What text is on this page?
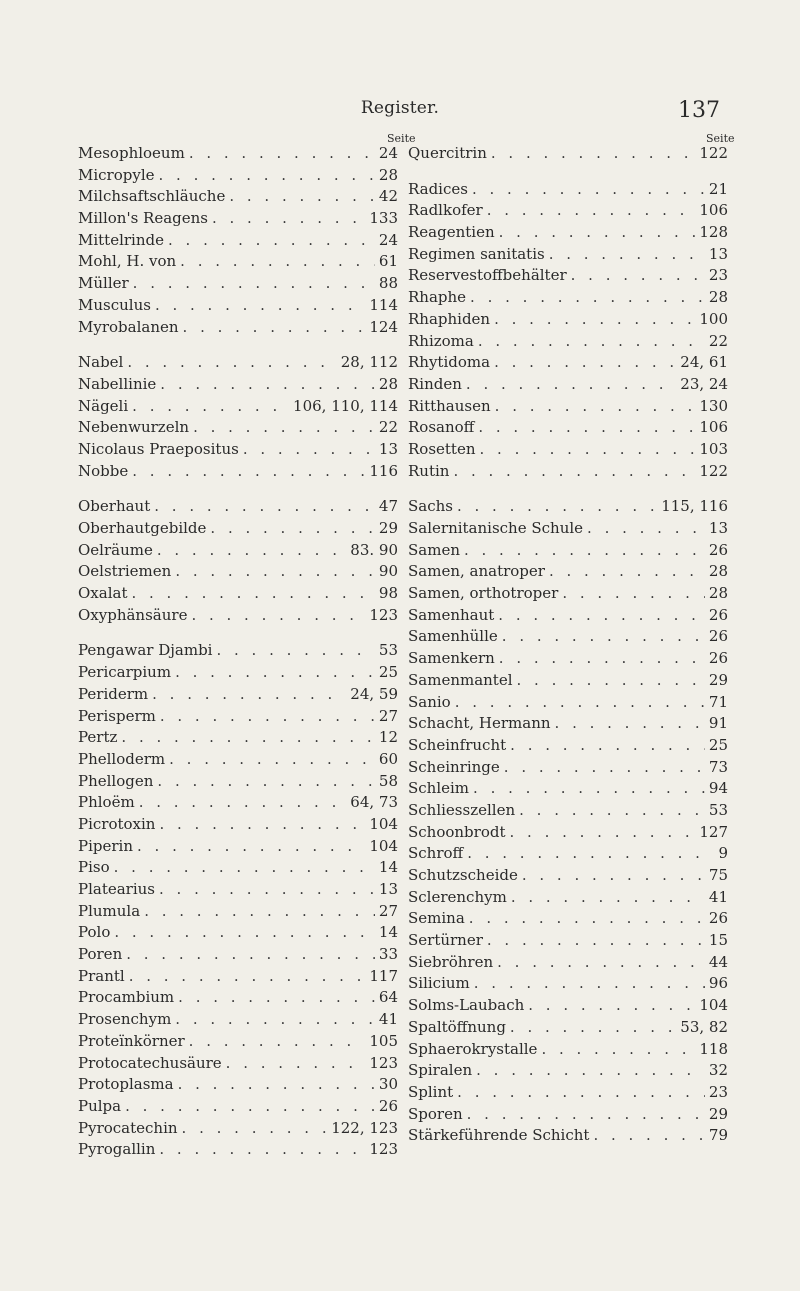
Register.	137
Seite
Mesophloeum . . .	24
Micropyle . . .	28
Milchsaftschläuche . . .	42
Millon's Reagens . . .	133
Mittelrinde . . .	24
Mohl, H. von . . .	61
Müller . . .	88
Musculus . . .	114
Myrobalanen . . .	124
Nabel . . .	28, 112
Nabellinie . . .	28
Nägeli . . .	106, 110, 114
Nebenwurzeln . . .	22
Nicolaus Praepositus . . .	13
Nobbe . . .	116
Oberhaut . . .	47
Oberhautgebilde . . .	29
Oelräume . . .	83. 90
Oelstriemen . . .	90
Oxalat . . .	98
Oxyphänsäure . . .	123
Pengawar Djambi . . .	53
Pericarpium . . .	25
Periderm . . .	24, 59
Perisperm . . .	27
Pertz . . .	12
Phelloderm . . .	60
Phellogen . . .	58
Phloëm . . .	64, 73
Picrotoxin . . .	104
Piperin . . .	104
Piso . . .	14
Platearius . . .	13
Plumula . . .	27
Polo . . .	14
Poren . . .	33
Prantl . . .	117
Procambium . . .	64
Prosenchym . . .	41
Proteïnkörner . . .	105
Protocatechusäure . . .	123
Protoplasma . . .	30
Pulpa . . .	26
Pyrocatechin . . .	122, 123
Pyrogallin . . .	123
Seite
Quercitrin . . .	122
Radices . . .	21
Radlkofer . . .	106
Reagentien . . .	128
Regimen sanitatis . . .	13
Reservestoffbehälter . . .	23
Rhaphe . . .	28
Rhaphiden . . .	100
Rhizoma . . .	22
Rhytidoma . . .	24, 61
Rinden . . .	23, 24
Ritthausen . . .	130
Rosanoff . . .	106
Rosetten . . .	103
Rutin . . .	122
Sachs . . .	115, 116
Salernitanische Schule . . .	13
Samen . . .	26
Samen, anatroper . . .	28
Samen, orthotroper . . .	28
Samenhaut . . .	26
Samenhülle . . .	26
Samenkern . . .	26
Samenmantel . . .	29
Sanio . . .	71
Schacht, Hermann . . .	91
Scheinfrucht . . .	25
Scheinringe . . .	73
Schleim . . .	94
Schliesszellen . . .	53
Schoonbrodt . . .	127
Schroff . . .	9
Schutzscheide . . .	75
Sclerenchym . . .	41
Semina . . .	26
Sertürner . . .	15
Siebröhren . . .	44
Silicium . . .	96
Solms-Laubach . . .	104
Spaltöffnung . . .	53, 82
Sphaerokrystalle . . .	118
Spiralen . . .	32
Splint . . .	23
Sporen . . .	29
Stärkeführende Schicht . . .	79
